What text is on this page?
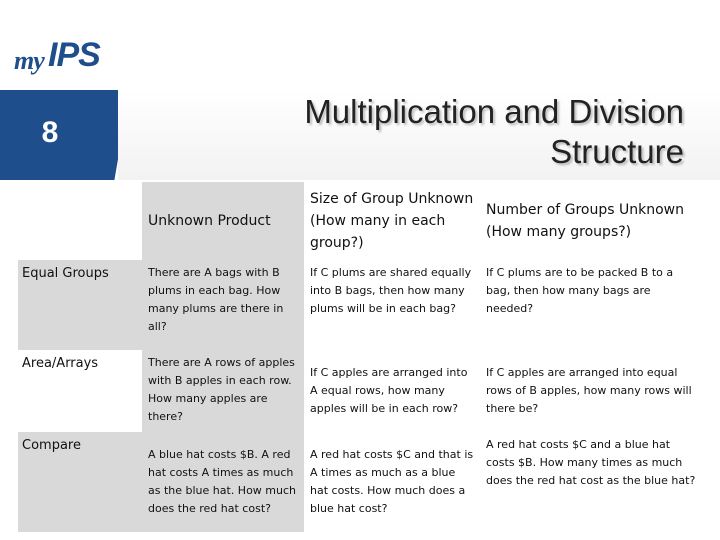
my IPS
8
Multiplication and Division
Structure
	Unknown Product	Size of Group Unknown (How many in each group?)	Number of Groups Unknown (How many groups?)
Equal Groups	There are A bags with B plums in each bag. How many plums are there in all?	If C plums are shared equally into B bags, then how many plums will be in each bag?	If C plums are to be packed B to a bag, then how many bags are needed?
Area/Arrays	There are A rows of apples with B apples in each row. How many apples are there?	If C apples are arranged into A equal rows, how many apples will be in each row?	If C apples are arranged into equal rows of B apples, how many rows will there be?
Compare	A blue hat costs $B. A red hat costs A times as much as the blue hat. How much does the red hat cost?	A red hat costs $C and that is A times as much as a blue hat costs. How much does a blue hat cost?	A red hat costs $C and a blue hat costs $B. How many times as much does the red hat cost as the blue hat?
